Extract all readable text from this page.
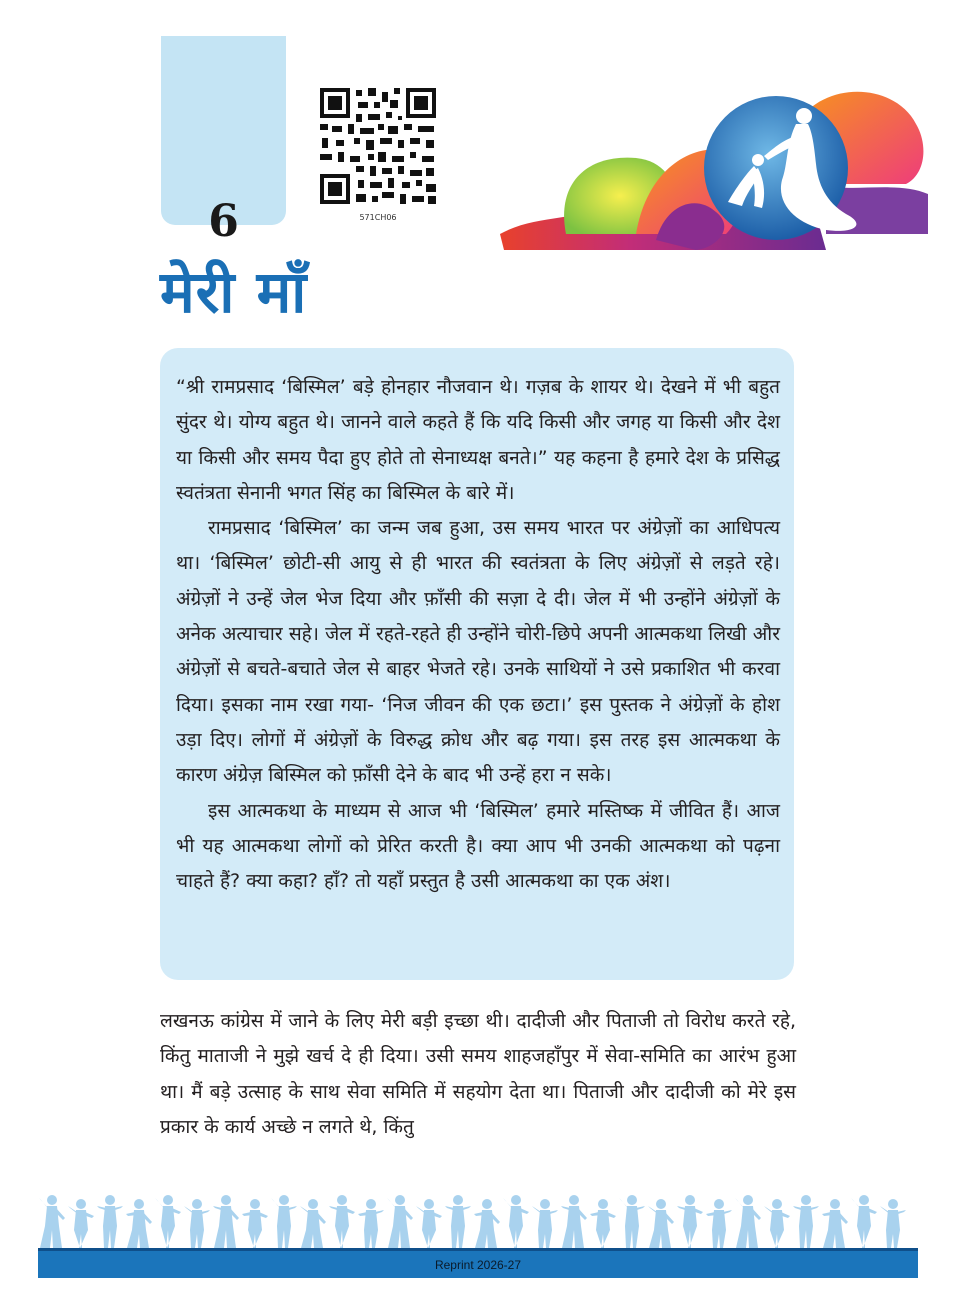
6	571CH06
मेरी माँ

“श्री रामप्रसाद ‘बिस्मिल’ बड़े होनहार नौजवान थे। गज़ब के शायर थे। देखने में भी बहुत सुंदर थे। योग्य बहुत थे। जानने वाले कहते हैं कि यदि किसी और जगह या किसी और देश या किसी और समय पैदा हुए होते तो सेनाध्यक्ष बनते।” यह कहना है हमारे देश के प्रसिद्ध स्वतंत्रता सेनानी भगत सिंह का बिस्मिल के बारे में।

रामप्रसाद ‘बिस्मिल’ का जन्म जब हुआ, उस समय भारत पर अंग्रेज़ों का आधिपत्य था। ‘बिस्मिल’ छोटी-सी आयु से ही भारत की स्वतंत्रता के लिए अंग्रेज़ों से लड़ते रहे। अंग्रेज़ों ने उन्हें जेल भेज दिया और फ़ाँसी की सज़ा दे दी। जेल में भी उन्होंने अंग्रेज़ों के अनेक अत्याचार सहे। जेल में रहते-रहते ही उन्होंने चोरी-छिपे अपनी आत्मकथा लिखी और अंग्रेज़ों से बचते-बचाते जेल से बाहर भेजते रहे। उनके साथियों ने उसे प्रकाशित भी करवा दिया। इसका नाम रखा गया- ‘निज जीवन की एक छटा।’ इस पुस्तक ने अंग्रेज़ों के होश उड़ा दिए। लोगों में अंग्रेज़ों के विरुद्ध क्रोध और बढ़ गया। इस तरह इस आत्मकथा के कारण अंग्रेज़ बिस्मिल को फ़ाँसी देने के बाद भी उन्हें हरा न सके।

इस आत्मकथा के माध्यम से आज भी ‘बिस्मिल’ हमारे मस्तिष्क में जीवित हैं। आज भी यह आत्मकथा लोगों को प्रेरित करती है। क्या आप भी उनकी आत्मकथा को पढ़ना चाहते हैं? क्या कहा? हाँ? तो यहाँ प्रस्तुत है उसी आत्मकथा का एक अंश।

लखनऊ कांग्रेस में जाने के लिए मेरी बड़ी इच्छा थी। दादीजी और पिताजी तो विरोध करते रहे, किंतु माताजी ने मुझे खर्च दे ही दिया। उसी समय शाहजहाँपुर में सेवा-समिति का आरंभ हुआ था। मैं बड़े उत्साह के साथ सेवा समिति में सहयोग देता था। पिताजी और दादीजी को मेरे इस प्रकार के कार्य अच्छे न लगते थे, किंतु

Reprint 2026-27
